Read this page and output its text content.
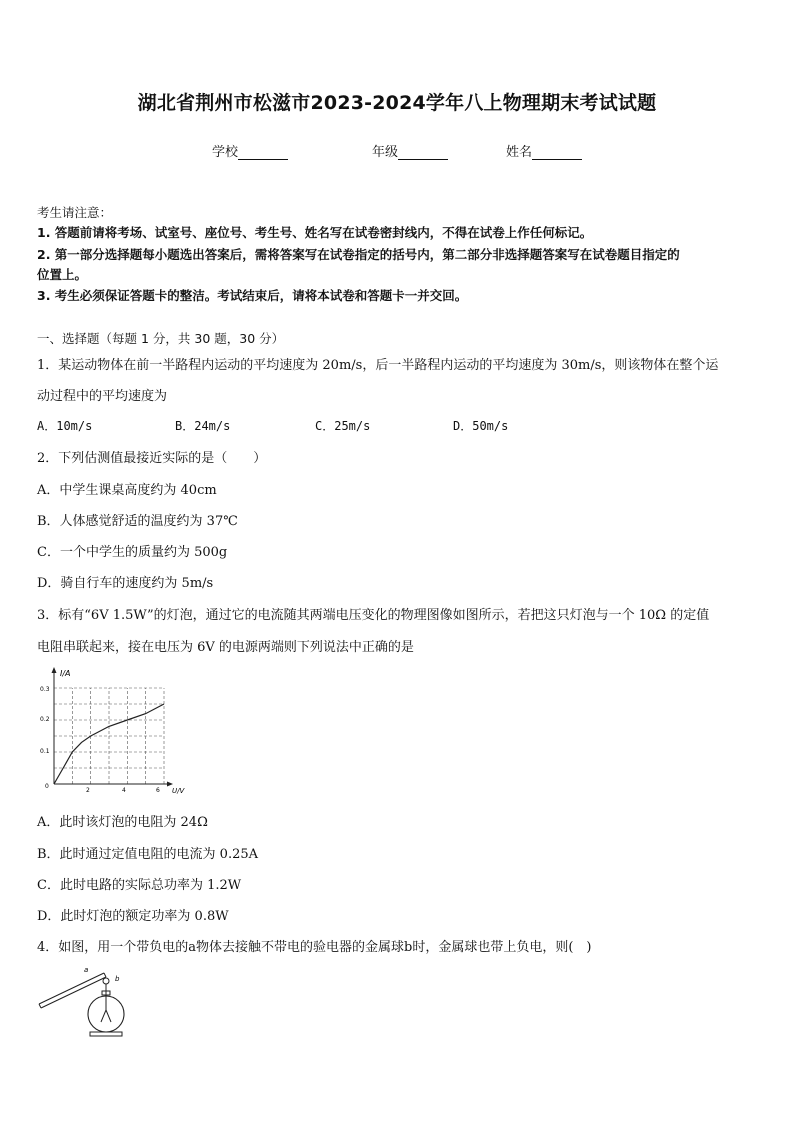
湖北省荆州市松滋市2023-2024学年八上物理期末考试试题
学校	年级	姓名
考生请注意：
1. 答题前请将考场、试室号、座位号、考生号、姓名写在试卷密封线内，不得在试卷上作任何标记。
2. 第一部分选择题每小题选出答案后，需将答案写在试卷指定的括号内，第二部分非选择题答案写在试卷题目指定的
位置上。
3. 考生必须保证答题卡的整洁。考试结束后，请将本试卷和答题卡一并交回。
一、选择题（每题 1 分，共 30 题，30 分）
1．某运动物体在前一半路程内运动的平均速度为 20m/s，后一半路程内运动的平均速度为 30m/s，则该物体在整个运
动过程中的平均速度为
A．10m/s	B．24m/s	C．25m/s	D．50m/s
2．下列估测值最接近实际的是（　　）
A．中学生课桌高度约为 40cm
B．人体感觉舒适的温度约为 37℃
C．一个中学生的质量约为 500g
D．骑自行车的速度约为 5m/s
3．标有“6V 1.5W”的灯泡，通过它的电流随其两端电压变化的物理图像如图所示，若把这只灯泡与一个 10Ω 的定值
电阻串联起来，接在电压为 6V 的电源两端则下列说法中正确的是
I/A
U/V
0
0.3
0.2
0.1
2	4	6
A．此时该灯泡的电阻为 24Ω
B．此时通过定值电阻的电流为 0.25A
C．此时电路的实际总功率为 1.2W
D．此时灯泡的额定功率为 0.8W
4．如图，用一个带负电的a物体去接触不带电的验电器的金属球b时，金属球也带上负电，则(　)
a
b
